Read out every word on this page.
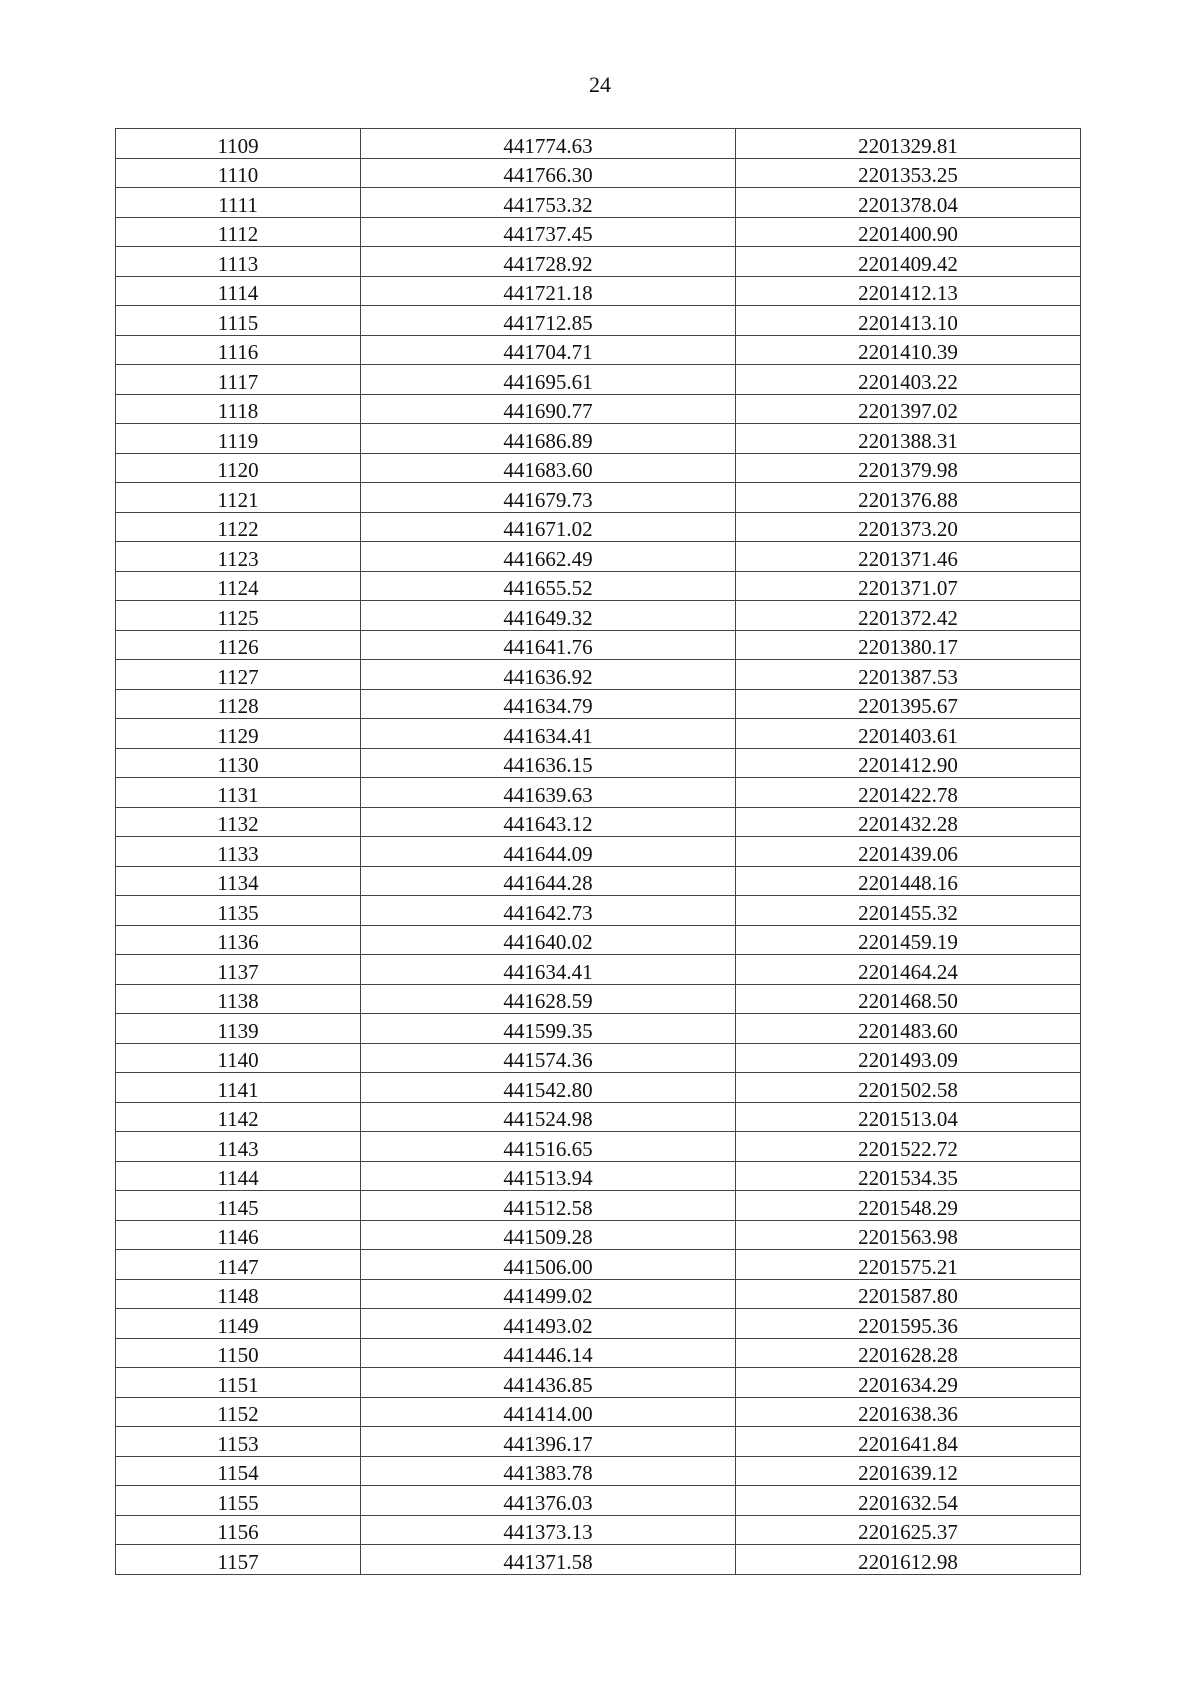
24
1109	441774.63	2201329.81
1110	441766.30	2201353.25
1111	441753.32	2201378.04
1112	441737.45	2201400.90
1113	441728.92	2201409.42
1114	441721.18	2201412.13
1115	441712.85	2201413.10
1116	441704.71	2201410.39
1117	441695.61	2201403.22
1118	441690.77	2201397.02
1119	441686.89	2201388.31
1120	441683.60	2201379.98
1121	441679.73	2201376.88
1122	441671.02	2201373.20
1123	441662.49	2201371.46
1124	441655.52	2201371.07
1125	441649.32	2201372.42
1126	441641.76	2201380.17
1127	441636.92	2201387.53
1128	441634.79	2201395.67
1129	441634.41	2201403.61
1130	441636.15	2201412.90
1131	441639.63	2201422.78
1132	441643.12	2201432.28
1133	441644.09	2201439.06
1134	441644.28	2201448.16
1135	441642.73	2201455.32
1136	441640.02	2201459.19
1137	441634.41	2201464.24
1138	441628.59	2201468.50
1139	441599.35	2201483.60
1140	441574.36	2201493.09
1141	441542.80	2201502.58
1142	441524.98	2201513.04
1143	441516.65	2201522.72
1144	441513.94	2201534.35
1145	441512.58	2201548.29
1146	441509.28	2201563.98
1147	441506.00	2201575.21
1148	441499.02	2201587.80
1149	441493.02	2201595.36
1150	441446.14	2201628.28
1151	441436.85	2201634.29
1152	441414.00	2201638.36
1153	441396.17	2201641.84
1154	441383.78	2201639.12
1155	441376.03	2201632.54
1156	441373.13	2201625.37
1157	441371.58	2201612.98
